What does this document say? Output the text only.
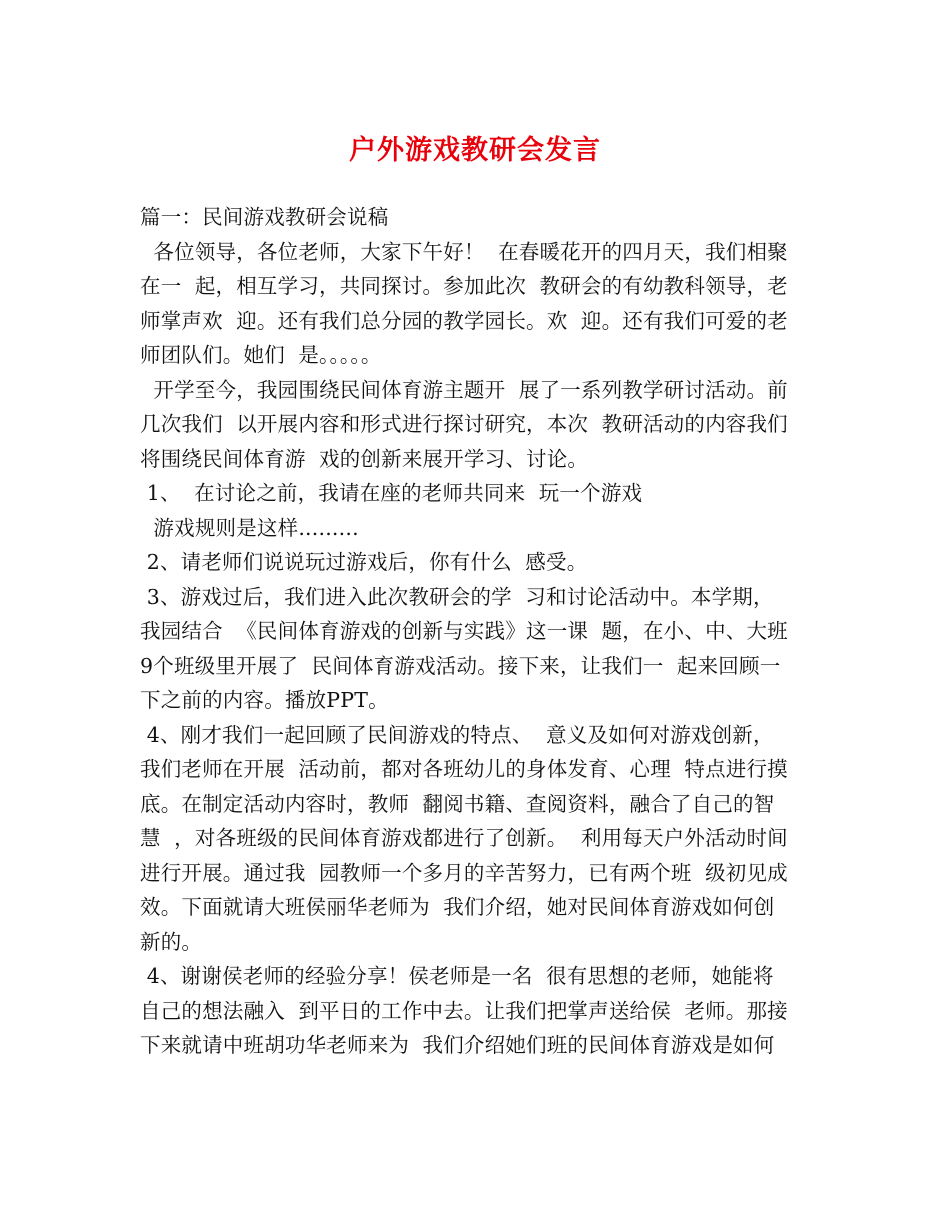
户外游戏教研会发言
篇一：民间游戏教研会说稿
各位领导，各位老师，大家下午好！  在春暖花开的四月天，我们相聚
在一  起，相互学习，共同探讨。参加此次  教研会的有幼教科领导，老
师掌声欢  迎。还有我们总分园的教学园长。欢  迎。还有我们可爱的老
师团队们。她们  是。。。。。
开学至今，我园围绕民间体育游主题开  展了一系列教学研讨活动。前
几次我们  以开展内容和形式进行探讨研究，本次  教研活动的内容我们
将围绕民间体育游  戏的创新来展开学习、讨论。
1、  在讨论之前，我请在座的老师共同来  玩一个游戏
游戏规则是这样.........
2、请老师们说说玩过游戏后，你有什么  感受。
3、游戏过后，我们进入此次教研会的学  习和讨论活动中。本学期，
我园结合  《民间体育游戏的创新与实践》这一课  题，在小、中、大班
9个班级里开展了  民间体育游戏活动。接下来，让我们一  起来回顾一
下之前的内容。播放PPT。
4、刚才我们一起回顾了民间游戏的特点、  意义及如何对游戏创新，
我们老师在开展  活动前，都对各班幼儿的身体发育、心理  特点进行摸
底。在制定活动内容时，教师  翻阅书籍、查阅资料，融合了自己的智
慧  ，对各班级的民间体育游戏都进行了创新。  利用每天户外活动时间
进行开展。通过我  园教师一个多月的辛苦努力，已有两个班  级初见成
效。下面就请大班侯丽华老师为  我们介绍，她对民间体育游戏如何创
新的。
4、谢谢侯老师的经验分享！侯老师是一名  很有思想的老师，她能将
自己的想法融入  到平日的工作中去。让我们把掌声送给侯  老师。那接
下来就请中班胡功华老师来为  我们介绍她们班的民间体育游戏是如何
